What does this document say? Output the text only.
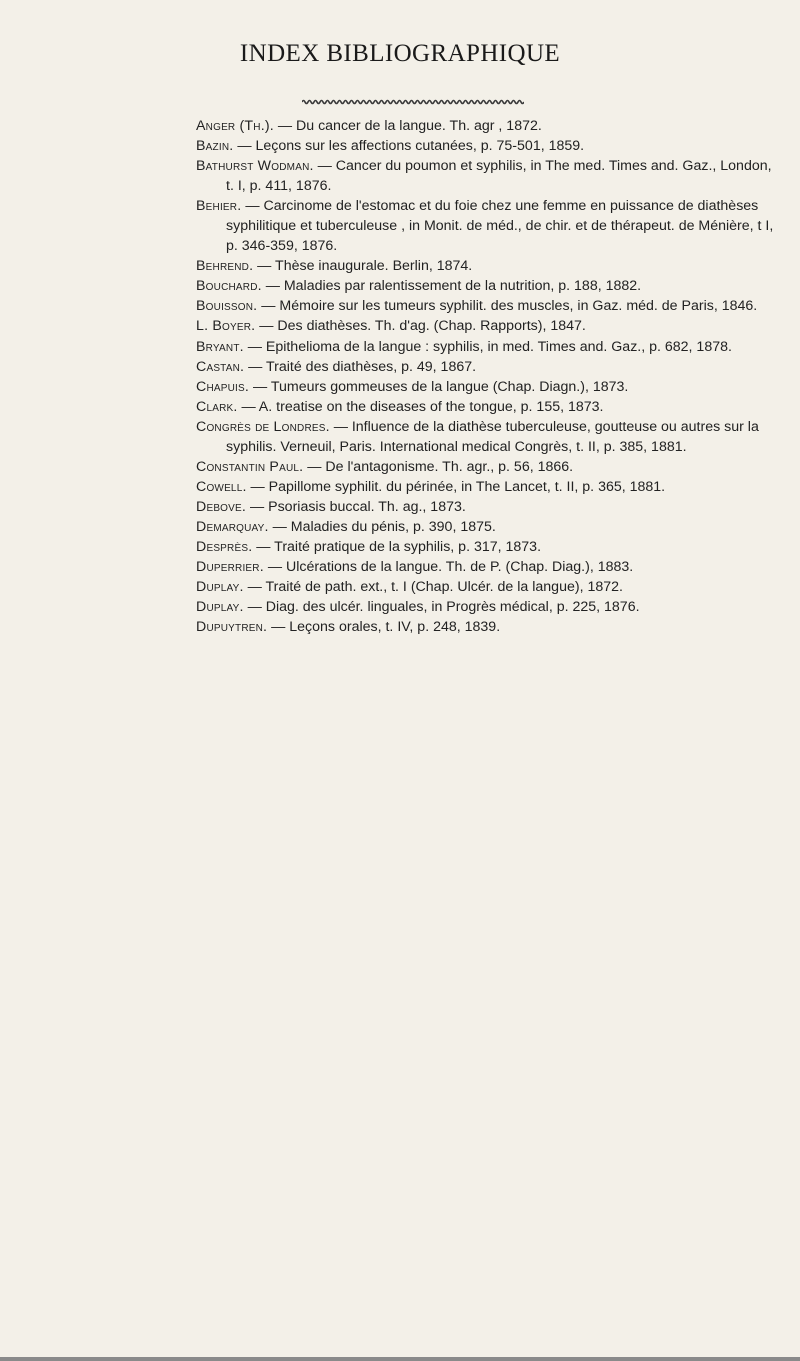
INDEX BIBLIOGRAPHIQUE

Anger (Th.). — Du cancer de la langue. Th. agr , 1872.

Bazin. — Leçons sur les affections cutanées, p. 75-501, 1859.

Bathurst Wodman. — Cancer du poumon et syphilis, in The med. Times and. Gaz., London, t. I, p. 411, 1876.

Behier. — Carcinome de l'estomac et du foie chez une femme en puissance de diathèses syphilitique et tuberculeuse , in Monit. de méd., de chir. et de thérapeut. de Ménière, t I, p. 346-359, 1876.

Behrend. — Thèse inaugurale. Berlin, 1874.

Bouchard. — Maladies par ralentissement de la nutrition, p. 188, 1882.

Bouisson. — Mémoire sur les tumeurs syphilit. des muscles, in Gaz. méd. de Paris, 1846.

L. Boyer. — Des diathèses. Th. d'ag. (Chap. Rapports), 1847.

Bryant. — Epithelioma de la langue : syphilis, in med. Times and. Gaz., p. 682, 1878.

Castan. — Traité des diathèses, p. 49, 1867.

Chapuis. — Tumeurs gommeuses de la langue (Chap. Diagn.), 1873.

Clark. — A. treatise on the diseases of the tongue, p. 155, 1873.

Congrès de Londres. — Influence de la diathèse tuberculeuse, goutteuse ou autres sur la syphilis. Verneuil, Paris. International medical Congrès, t. II, p. 385, 1881.

Constantin Paul. — De l'antagonisme. Th. agr., p. 56, 1866.

Cowell. — Papillome syphilit. du périnée, in The Lancet, t. II, p. 365, 1881.

Debove. — Psoriasis buccal. Th. ag., 1873.

Demarquay. — Maladies du pénis, p. 390, 1875.

Desprès. — Traité pratique de la syphilis, p. 317, 1873.

Duperrier. — Ulcérations de la langue. Th. de P. (Chap. Diag.), 1883.

Duplay. — Traité de path. ext., t. I (Chap. Ulcér. de la langue), 1872.

Duplay. — Diag. des ulcér. linguales, in Progrès médical, p. 225, 1876.

Dupuytren. — Leçons orales, t. IV, p. 248, 1839.
